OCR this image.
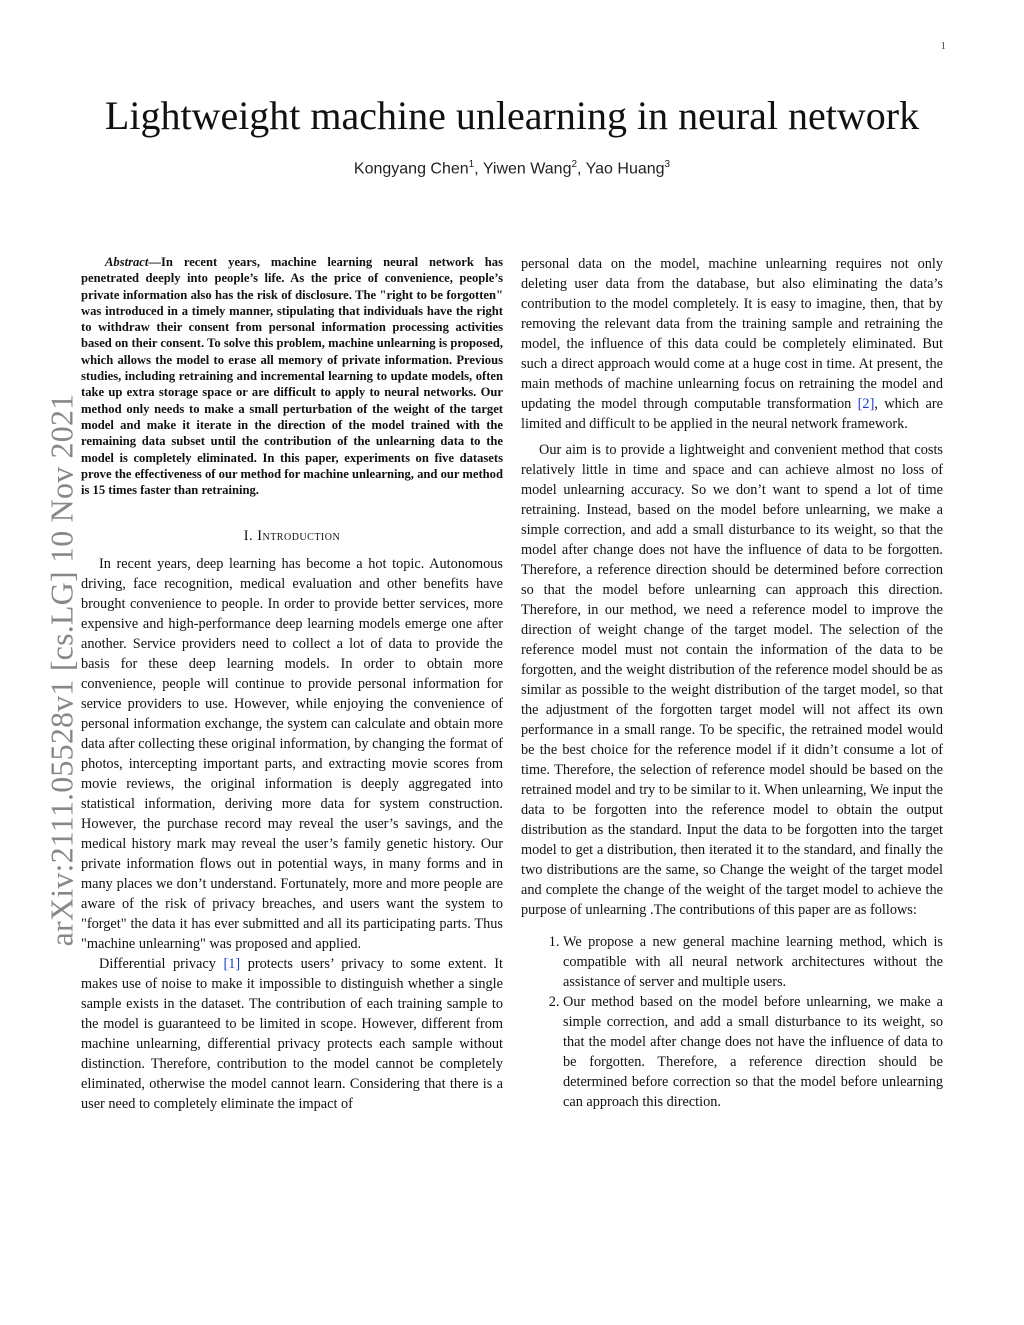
1
Lightweight machine unlearning in neural network
Kongyang Chen$^1$, Yiwen Wang$^2$, Yao Huang$^3$
arXiv:2111.05528v1 [cs.LG] 10 Nov 2021

Abstract—In recent years, machine learning neural network has penetrated deeply into people’s life. As the price of convenience, people’s private information also has the risk of disclosure. The "right to be forgotten" was introduced in a timely manner, stipulating that individuals have the right to withdraw their consent from personal information processing activities based on their consent. To solve this problem, machine unlearning is proposed, which allows the model to erase all memory of private information. Previous studies, including retraining and incremental learning to update models, often take up extra storage space or are difficult to apply to neural networks. Our method only needs to make a small perturbation of the weight of the target model and make it iterate in the direction of the model trained with the remaining data subset until the contribution of the unlearning data to the model is completely eliminated. In this paper, experiments on five datasets prove the effectiveness of our method for machine unlearning, and our method is 15 times faster than retraining.

I. Introduction

In recent years, deep learning has become a hot topic. Autonomous driving, face recognition, medical evaluation and other benefits have brought convenience to people. In order to provide better services, more expensive and high-performance deep learning models emerge one after another. Service providers need to collect a lot of data to provide the basis for these deep learning models. In order to obtain more convenience, people will continue to provide personal information for service providers to use. However, while enjoying the convenience of personal information exchange, the system can calculate and obtain more data after collecting these original information, by changing the format of photos, intercepting important parts, and extracting movie scores from movie reviews, the original information is deeply aggregated into statistical information, deriving more data for system construction. However, the purchase record may reveal the user’s savings, and the medical history mark may reveal the user’s family genetic history. Our private information flows out in potential ways, in many forms and in many places we don’t understand. Fortunately, more and more people are aware of the risk of privacy breaches, and users want the system to "forget" the data it has ever submitted and all its participating parts. Thus "machine unlearning" was proposed and applied.

Differential privacy [1] protects users’ privacy to some extent. It makes use of noise to make it impossible to distinguish whether a single sample exists in the dataset. The contribution of each training sample to the model is guaranteed to be limited in scope. However, different from machine unlearning, differential privacy protects each sample without distinction. Therefore, contribution to the model cannot be completely eliminated, otherwise the model cannot learn. Considering that there is a user need to completely eliminate the impact of

personal data on the model, machine unlearning requires not only deleting user data from the database, but also eliminating the data’s contribution to the model completely. It is easy to imagine, then, that by removing the relevant data from the training sample and retraining the model, the influence of this data could be completely eliminated. But such a direct approach would come at a huge cost in time. At present, the main methods of machine unlearning focus on retraining the model and updating the model through computable transformation [2], which are limited and difficult to be applied in the neural network framework.

Our aim is to provide a lightweight and convenient method that costs relatively little in time and space and can achieve almost no loss of model unlearning accuracy. So we don’t want to spend a lot of time retraining. Instead, based on the model before unlearning, we make a simple correction, and add a small disturbance to its weight, so that the model after change does not have the influence of data to be forgotten. Therefore, a reference direction should be determined before correction so that the model before unlearning can approach this direction. Therefore, in our method, we need a reference model to improve the direction of weight change of the target model. The selection of the reference model must not contain the information of the data to be forgotten, and the weight distribution of the reference model should be as similar as possible to the weight distribution of the target model, so that the adjustment of the forgotten target model will not affect its own performance in a small range. To be specific, the retrained model would be the best choice for the reference model if it didn’t consume a lot of time. Therefore, the selection of reference model should be based on the retrained model and try to be similar to it. When unlearning, We input the data to be forgotten into the reference model to obtain the output distribution as the standard. Input the data to be forgotten into the target model to get a distribution, then iterated it to the standard, and finally the two distributions are the same, so Change the weight of the target model and complete the change of the weight of the target model to achieve the purpose of unlearning .The contributions of this paper are as follows:

1. We propose a new general machine learning method, which is compatible with all neural network architectures without the assistance of server and multiple users.
2. Our method based on the model before unlearning, we make a simple correction, and add a small disturbance to its weight, so that the model after change does not have the influence of data to be forgotten. Therefore, a reference direction should be determined before correction so that the model before unlearning can approach this direction.
